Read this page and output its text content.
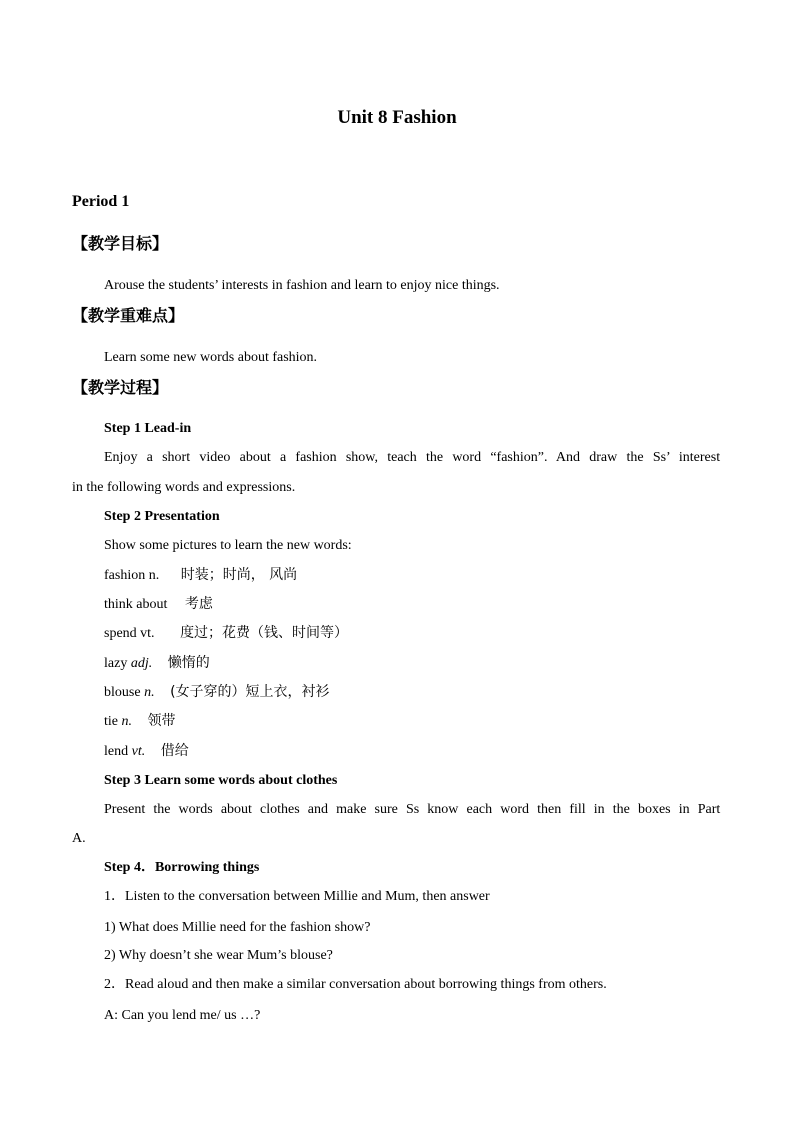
Unit 8 Fashion
Period 1
【教学目标】
Arouse the students’ interests in fashion and learn to enjoy nice things.
【教学重难点】
Learn some new words about fashion.
【教学过程】
Step 1 Lead-in
Enjoy a short video about a fashion show, teach the word “fashion”. And draw the Ss’ interest
in the following words and expressions.
Step 2 Presentation
Show some pictures to learn the new words:
fashion n. 时装；时尚， 风尚
think about 考虑
spend vt. 度过；花费（钱、时间等）
lazy adj. 懒惰的
blouse n. (女子穿的）短上衣，衬衫
tie n. 领带
lend vt. 借给
Step 3 Learn some words about clothes
Present the words about clothes and make sure Ss know each word then fill in the boxes in Part
A.
Step 4．Borrowing things
1．Listen to the conversation between Millie and Mum, then answer
1) What does Millie need for the fashion show?
2) Why doesn’t she wear Mum’s blouse?
2．Read aloud and then make a similar conversation about borrowing things from others.
A: Can you lend me/ us …?
